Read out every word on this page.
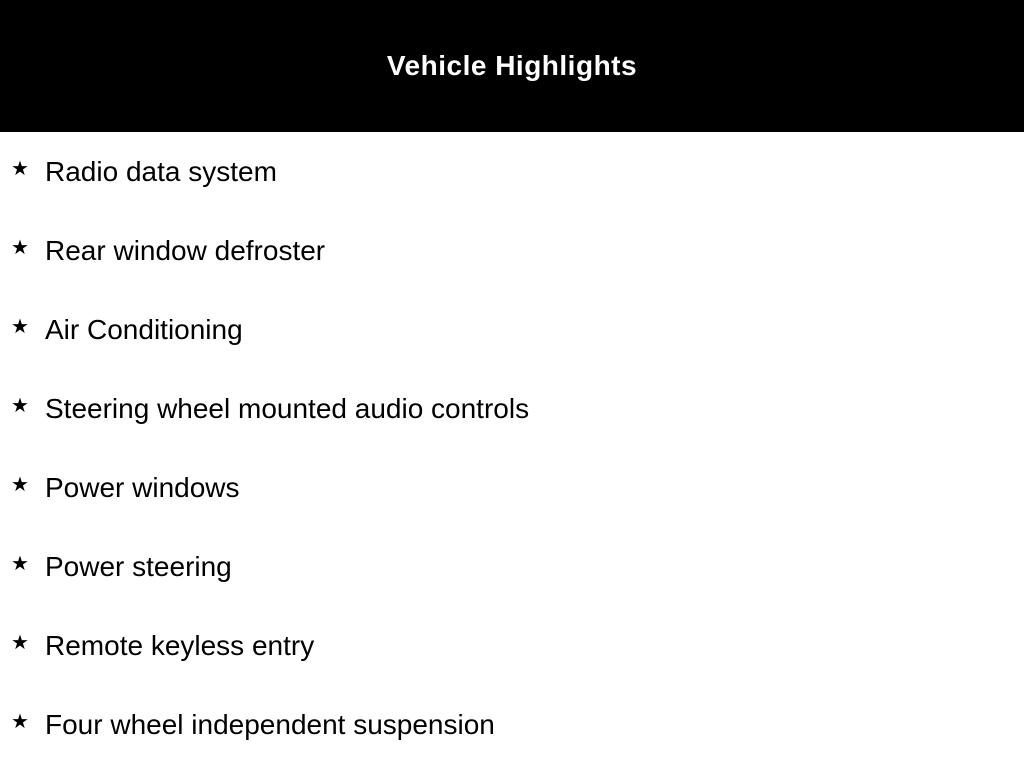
Vehicle Highlights
★ Radio data system
★ Rear window defroster
★ Air Conditioning
★ Steering wheel mounted audio controls
★ Power windows
★ Power steering
★ Remote keyless entry
★ Four wheel independent suspension
